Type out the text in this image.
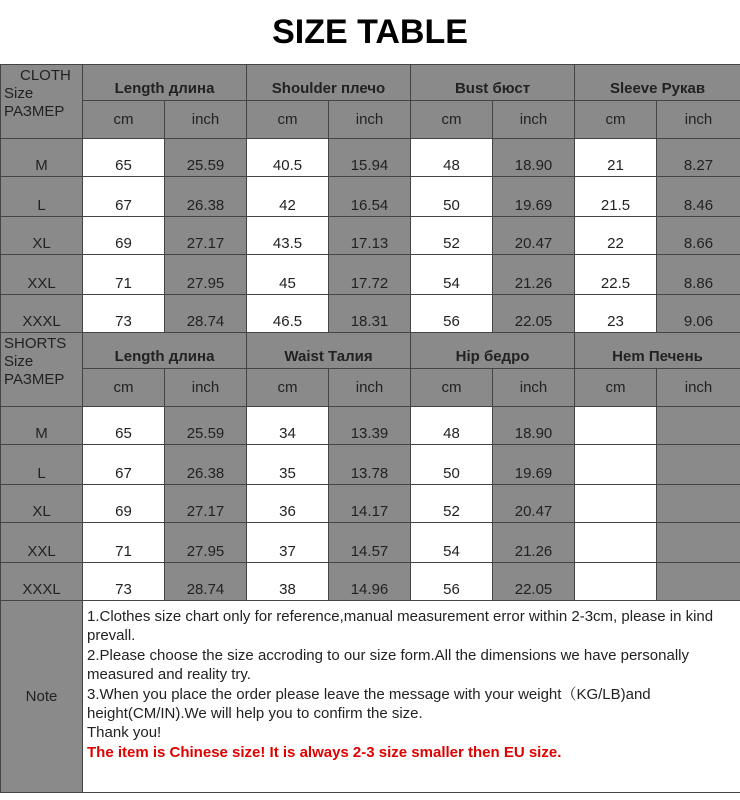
SIZE TABLE
CLOTH
Size
РАЗМЕР	Length длина		Shoulder плечо		Bust бюст		Sleeve Рукав	
	cm	inch	cm	inch	cm	inch	cm	inch
M	65	25.59	40.5	15.94	48	18.90	21	8.27
L	67	26.38	42	16.54	50	19.69	21.5	8.46
XL	69	27.17	43.5	17.13	52	20.47	22	8.66
XXL	71	27.95	45	17.72	54	21.26	22.5	8.86
XXXL	73	28.74	46.5	18.31	56	22.05	23	9.06

SHORTS
Size
РАЗМЕР	Length длина		Waist Талия		Hip бедро		Hem Печень	
	cm	inch	cm	inch	cm	inch	cm	inch
M	65	25.59	34	13.39	48	18.90		
L	67	26.38	35	13.78	50	19.69		
XL	69	27.17	36	14.17	52	20.47		
XXL	71	27.95	37	14.57	54	21.26		
XXXL	73	28.74	38	14.96	56	22.05		
Note	1.Clothes size chart only for reference,manual measurement error within 2-3cm, please in kind prevall.
2.Please choose the size accroding to our size form.All the dimensions we have personally measured and reality try.
3.When you place the order please leave the message with your weight（KG/LB)and height(CM/IN).We will help you to confirm the size.
Thank you!
The item is Chinese size! It is always 2-3 size smaller then EU size.							
